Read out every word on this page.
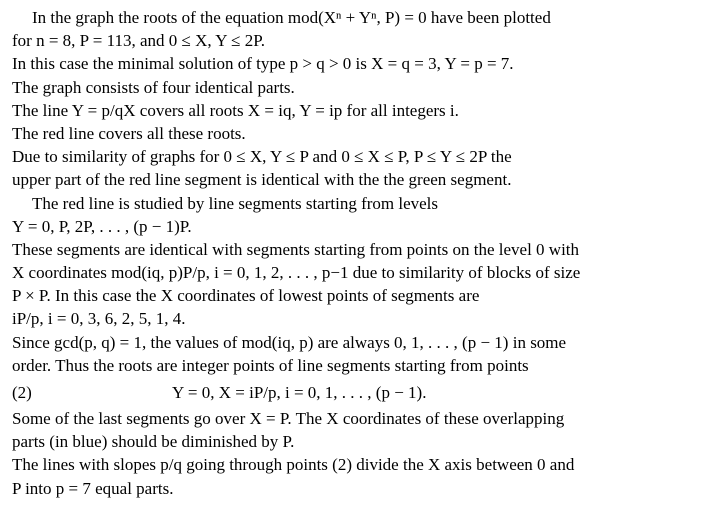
In the graph the roots of the equation mod(Xⁿ + Yⁿ, P) = 0 have been plotted
for n = 8, P = 113, and 0 ≤ X, Y ≤ 2P.
In this case the minimal solution of type p > q > 0 is X = q = 3, Y = p = 7.
The graph consists of four identical parts.
The line Y = p/qX covers all roots X = iq, Y = ip for all integers i.
The red line covers all these roots.
Due to similarity of graphs for 0 ≤ X, Y ≤ P and 0 ≤ X ≤ P, P ≤ Y ≤ 2P the
upper part of the red line segment is identical with the the green segment.
The red line is studied by line segments starting from levels
Y = 0, P, 2P, . . . , (p − 1)P.
These segments are identical with segments starting from points on the level 0 with
X coordinates mod(iq, p)P/p, i = 0, 1, 2, . . . , p−1 due to similarity of blocks of size
P × P. In this case the X coordinates of lowest points of segments are
iP/p, i = 0, 3, 6, 2, 5, 1, 4.
Since gcd(p, q) = 1, the values of mod(iq, p) are always 0, 1, . . . , (p − 1) in some
order. Thus the roots are integer points of line segments starting from points
(2)	Y = 0, X = iP/p, i = 0, 1, . . . , (p − 1).
Some of the last segments go over X = P. The X coordinates of these overlapping
parts (in blue) should be diminished by P.
The lines with slopes p/q going through points (2) divide the X axis between 0 and
P into p = 7 equal parts.
